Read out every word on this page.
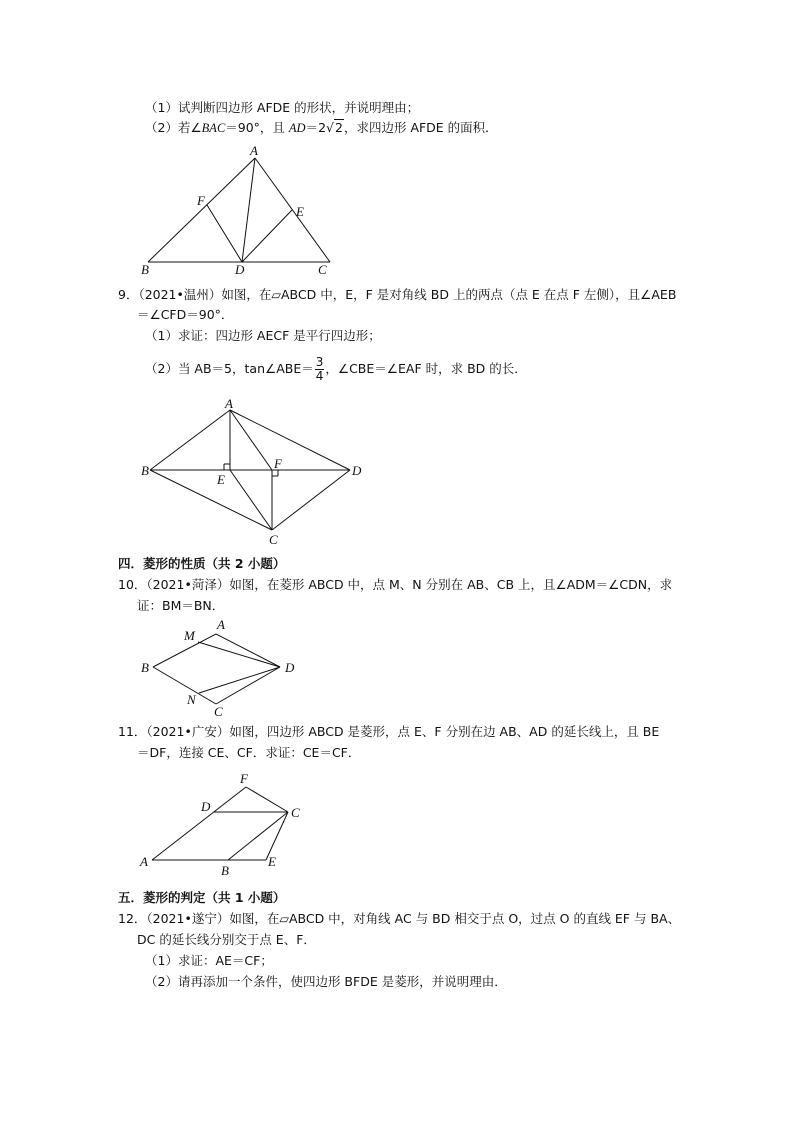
（1）试判断四边形 AFDE 的形状，并说明理由；
（2）若∠BAC＝90°，且 AD＝2√2，求四边形 AFDE 的面积．
A
B	C
D
E
F
9．（2021•温州）如图，在▱ABCD 中，E，F 是对角线 BD 上的两点（点 E 在点 F 左侧），且∠AEB
＝∠CFD＝90°．
（1）求证：四边形 AECF 是平行四边形；
（2）当 AB＝5，tan∠ABE＝ $\frac{3}{4}$ ，∠CBE＝∠EAF 时，求 BD 的长．
A
B
C
D
E
F
四．菱形的性质（共 2 小题）
10．（2021•菏泽）如图，在菱形 ABCD 中，点 M、N 分别在 AB、CB 上，且∠ADM＝∠CDN，求
证：BM＝BN．
A
B
C
D
M
N
11．（2021•广安）如图，四边形 ABCD 是菱形，点 E、F 分别在边 AB、AD 的延长线上，且 BE
＝DF，连接 CE、CF．求证：CE＝CF．
A
B
C
D
E
F
五．菱形的判定（共 1 小题）
12．（2021•遂宁）如图，在▱ABCD 中，对角线 AC 与 BD 相交于点 O，过点 O 的直线 EF 与 BA、
DC 的延长线分别交于点 E、F．
（1）求证：AE＝CF；
（2）请再添加一个条件，使四边形 BFDE 是菱形，并说明理由．
